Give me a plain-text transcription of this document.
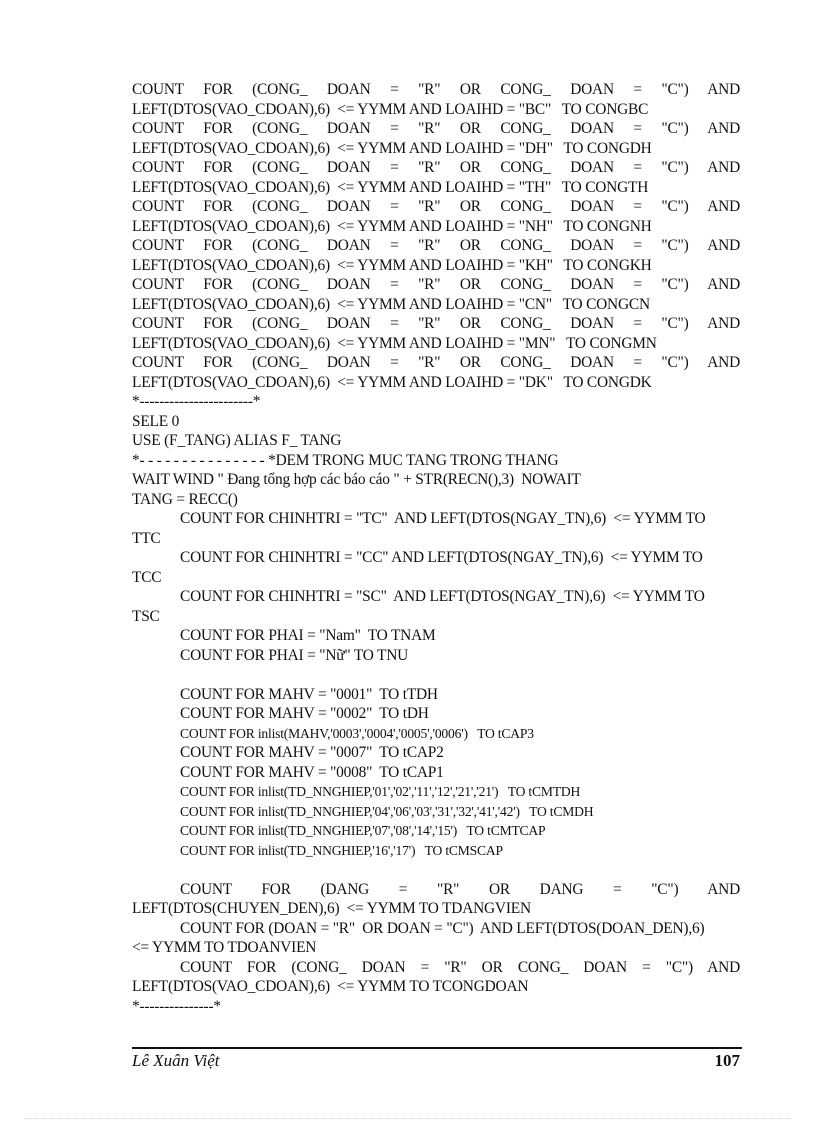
COUNT FOR (CONG_ DOAN = "R" OR CONG_ DOAN = "C") AND
LEFT(DTOS(VAO_CDOAN),6)  <= YYMM AND LOAIHD = "BC"   TO CONGBC
COUNT FOR (CONG_ DOAN = "R" OR CONG_ DOAN = "C") AND
LEFT(DTOS(VAO_CDOAN),6)  <= YYMM AND LOAIHD = "DH"   TO CONGDH
COUNT FOR (CONG_ DOAN = "R" OR CONG_ DOAN = "C") AND
LEFT(DTOS(VAO_CDOAN),6)  <= YYMM AND LOAIHD = "TH"   TO CONGTH
COUNT FOR (CONG_ DOAN = "R" OR CONG_ DOAN = "C") AND
LEFT(DTOS(VAO_CDOAN),6)  <= YYMM AND LOAIHD = "NH"   TO CONGNH
COUNT FOR (CONG_ DOAN = "R" OR CONG_ DOAN = "C") AND
LEFT(DTOS(VAO_CDOAN),6)  <= YYMM AND LOAIHD = "KH"   TO CONGKH
COUNT FOR (CONG_ DOAN = "R" OR CONG_ DOAN = "C") AND
LEFT(DTOS(VAO_CDOAN),6)  <= YYMM AND LOAIHD = "CN"   TO CONGCN
COUNT FOR (CONG_ DOAN = "R" OR CONG_ DOAN = "C") AND
LEFT(DTOS(VAO_CDOAN),6)  <= YYMM AND LOAIHD = "MN"   TO CONGMN
COUNT FOR (CONG_ DOAN = "R" OR CONG_ DOAN = "C") AND
LEFT(DTOS(VAO_CDOAN),6)  <= YYMM AND LOAIHD = "DK"   TO CONGDK
*-----------------------*
SELE 0
USE (F_TANG) ALIAS F_ TANG
*- - - - - - - - - - - - - - - *DEM TRONG MUC TANG TRONG THANG
WAIT WIND " Đang tổng hợp các báo cáo " + STR(RECN(),3)  NOWAIT
TANG = RECC()
COUNT FOR CHINHTRI = "TC"  AND LEFT(DTOS(NGAY_TN),6)  <= YYMM TO
TTC
COUNT FOR CHINHTRI = "CC" AND LEFT(DTOS(NGAY_TN),6)  <= YYMM TO
TCC
COUNT FOR CHINHTRI = "SC"  AND LEFT(DTOS(NGAY_TN),6)  <= YYMM TO
TSC
COUNT FOR PHAI = "Nam"  TO TNAM
COUNT FOR PHAI = "Nữ" TO TNU
COUNT FOR MAHV = "0001"  TO tTDH
COUNT FOR MAHV = "0002"  TO tDH
COUNT FOR inlist(MAHV,'0003','0004','0005','0006')   TO tCAP3
COUNT FOR MAHV = "0007"  TO tCAP2
COUNT FOR MAHV = "0008"  TO tCAP1
COUNT FOR inlist(TD_NNGHIEP,'01','02','11','12','21','21')   TO tCMTDH
COUNT FOR inlist(TD_NNGHIEP,'04','06','03','31','32','41','42')   TO tCMDH
COUNT FOR inlist(TD_NNGHIEP,'07','08','14','15')   TO tCMTCAP
COUNT FOR inlist(TD_NNGHIEP,'16','17')   TO tCMSCAP
COUNT FOR (DANG = "R" OR DANG = "C") AND
LEFT(DTOS(CHUYEN_DEN),6)  <= YYMM TO TDANGVIEN
COUNT FOR (DOAN = "R"  OR DOAN = "C")  AND LEFT(DTOS(DOAN_DEN),6)
<= YYMM TO TDOANVIEN
COUNT FOR (CONG_ DOAN = "R" OR CONG_ DOAN = "C") AND
LEFT(DTOS(VAO_CDOAN),6)  <= YYMM TO TCONGDOAN
*---------------*
Lê Xuân Việt	107
